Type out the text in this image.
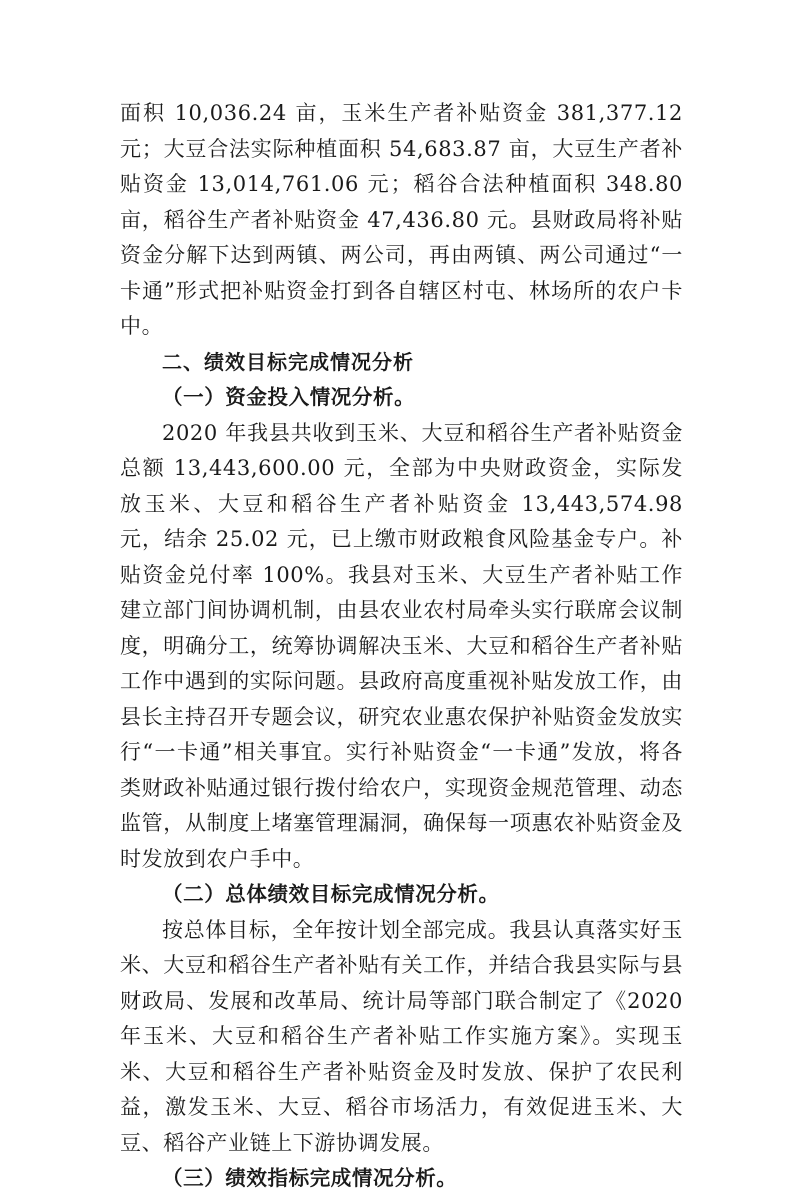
面积 10,036.24 亩，玉米生产者补贴资金 381,377.12 元；大豆合法实际种植面积 54,683.87 亩，大豆生产者补贴资金 13,014,761.06 元；稻谷合法种植面积 348.80 亩，稻谷生产者补贴资金 47,436.80 元。县财政局将补贴资金分解下达到两镇、两公司，再由两镇、两公司通过“一卡通”形式把补贴资金打到各自辖区村屯、林场所的农户卡中。

二、绩效目标完成情况分析

（一）资金投入情况分析。

2020 年我县共收到玉米、大豆和稻谷生产者补贴资金总额 13,443,600.00 元，全部为中央财政资金，实际发放玉米、大豆和稻谷生产者补贴资金 13,443,574.98 元，结余 25.02 元，已上缴市财政粮食风险基金专户。补贴资金兑付率 100%。我县对玉米、大豆生产者补贴工作建立部门间协调机制，由县农业农村局牵头实行联席会议制度，明确分工，统筹协调解决玉米、大豆和稻谷生产者补贴工作中遇到的实际问题。县政府高度重视补贴发放工作，由县长主持召开专题会议，研究农业惠农保护补贴资金发放实行“一卡通”相关事宜。实行补贴资金“一卡通”发放，将各类财政补贴通过银行拨付给农户，实现资金规范管理、动态监管，从制度上堵塞管理漏洞，确保每一项惠农补贴资金及时发放到农户手中。

（二）总体绩效目标完成情况分析。

按总体目标，全年按计划全部完成。我县认真落实好玉米、大豆和稻谷生产者补贴有关工作，并结合我县实际与县财政局、发展和改革局、统计局等部门联合制定了《2020 年玉米、大豆和稻谷生产者补贴工作实施方案》。实现玉米、大豆和稻谷生产者补贴资金及时发放、保护了农民利益，激发玉米、大豆、稻谷市场活力，有效促进玉米、大豆、稻谷产业链上下游协调发展。

（三）绩效指标完成情况分析。
